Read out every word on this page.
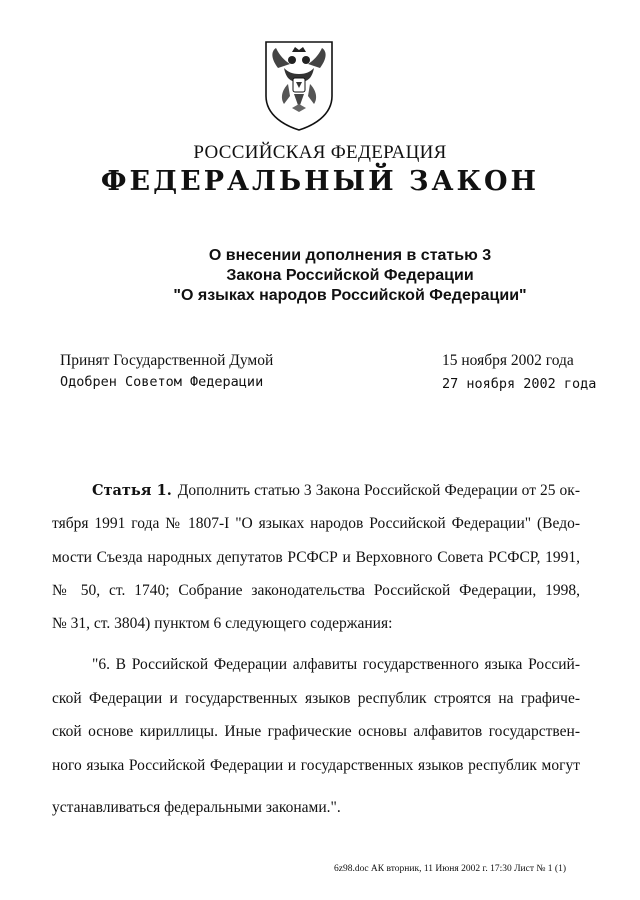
РОССИЙСКАЯ ФЕДЕРАЦИЯ
ФЕДЕРАЛЬНЫЙ ЗАКОН
О внесении дополнения в статью 3
Закона Российской Федерации
"О языках народов Российской Федерации"
Принят Государственной Думой	15 ноября 2002 года
Одобрен Советом Федерации	27 ноября 2002 года
Статья 1. Дополнить статью 3 Закона Российской Федерации от 25 ок-
тября 1991 года № 1807-I "О языках народов Российской Федерации" (Ведо-
мости Съезда народных депутатов РСФСР и Верховного Совета РСФСР, 1991,
№ 50, ст. 1740; Собрание законодательства Российской Федерации, 1998,
№ 31, ст. 3804) пунктом 6 следующего содержания:
"6. В Российской Федерации алфавиты государственного языка Россий-
ской Федерации и государственных языков республик строятся на графиче-
ской основе кириллицы. Иные графические основы алфавитов государствен-
ного языка Российской Федерации и государственных языков республик могут
устанавливаться федеральными законами.".
6z98.doc АК вторник, 11 Июня 2002 г. 17:30 Лист № 1 (1)
